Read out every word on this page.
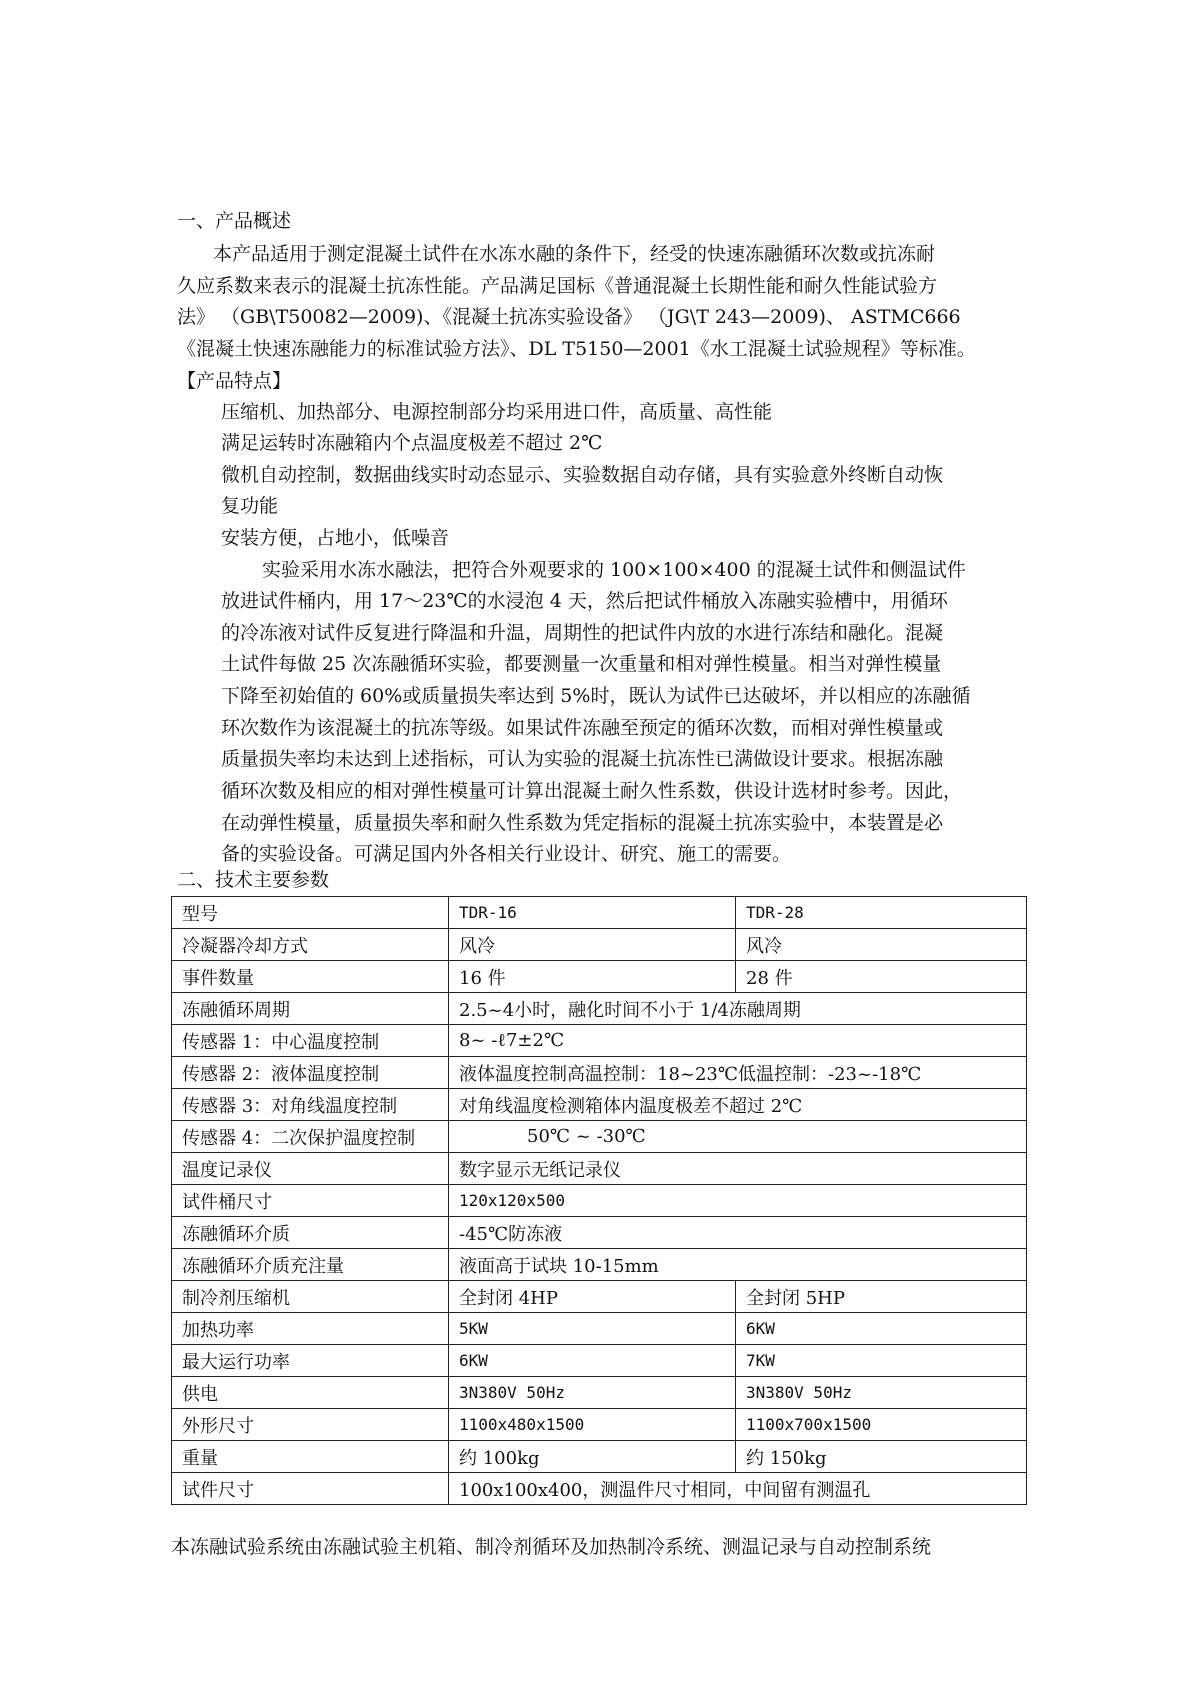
一、产品概述
本产品适用于测定混凝土试件在水冻水融的条件下，经受的快速冻融循环次数或抗冻耐
久应系数来表示的混凝土抗冻性能。产品满足国标《普通混凝土长期性能和耐久性能试验方
法》 （GB\T50082—2009)、《混凝土抗冻实验设备》 （JG\T 243—2009)、 ASTMC666
《混凝土快速冻融能力的标准试验方法》、DL T5150—2001《水工混凝土试验规程》等标准。
【产品特点】
压缩机、加热部分、电源控制部分均采用进口件，高质量、高性能
满足运转时冻融箱内个点温度极差不超过 2℃
微机自动控制，数据曲线实时动态显示、实验数据自动存储，具有实验意外终断自动恢
复功能
安装方便，占地小，低噪音
实验采用水冻水融法，把符合外观要求的 100×100×400 的混凝土试件和侧温试件
放进试件桶内，用 17～23℃的水浸泡 4 天，然后把试件桶放入冻融实验槽中，用循环
的冷冻液对试件反复进行降温和升温，周期性的把试件内放的水进行冻结和融化。混凝
土试件每做 25 次冻融循环实验，都要测量一次重量和相对弹性模量。相当对弹性模量
下降至初始值的 60%或质量损失率达到 5%时，既认为试件已达破坏，并以相应的冻融循
环次数作为该混凝土的抗冻等级。如果试件冻融至预定的循环次数，而相对弹性模量或
质量损失率均未达到上述指标，可认为实验的混凝土抗冻性已满做设计要求。根据冻融
循环次数及相应的相对弹性模量可计算出混凝土耐久性系数，供设计选材时参考。因此，
在动弹性模量，质量损失率和耐久性系数为凭定指标的混凝土抗冻实验中，本装置是必
备的实验设备。可满足国内外各相关行业设计、研究、施工的需要。
二、技术主要参数
型号	TDR-16	TDR-28
冷凝器冷却方式	风冷	风冷
事件数量	16 件	28 件
冻融循环周期	2.5~4小时，融化时间不小于 1/4冻融周期	
传感器 1：中心温度控制	8~ -ℓ7±2℃	
传感器 2：液体温度控制	液体温度控制高温控制：18~23℃低温控制：-23~-18℃	
传感器 3：对角线温度控制	对角线温度检测箱体内温度极差不超过 2℃	
传感器 4：二次保护温度控制	50℃ ~ -30℃	
温度记录仪	数字显示无纸记录仪	
试件桶尺寸	120x120x500	
冻融循环介质	-45℃防冻液	
冻融循环介质充注量	液面高于试块 10-15mm	
制冷剂压缩机	全封闭 4HP	全封闭 5HP
加热功率	5KW	6KW
最大运行功率	6KW	7KW
供电	3N380V 50Hz	3N380V 50Hz
外形尺寸	1100x480x1500	1100x700x1500
重量	约 100kg	约 150kg
试件尺寸	100x100x400，测温件尺寸相同，中间留有测温孔	
本冻融试验系统由冻融试验主机箱、制冷剂循环及加热制冷系统、测温记录与自动控制系统
